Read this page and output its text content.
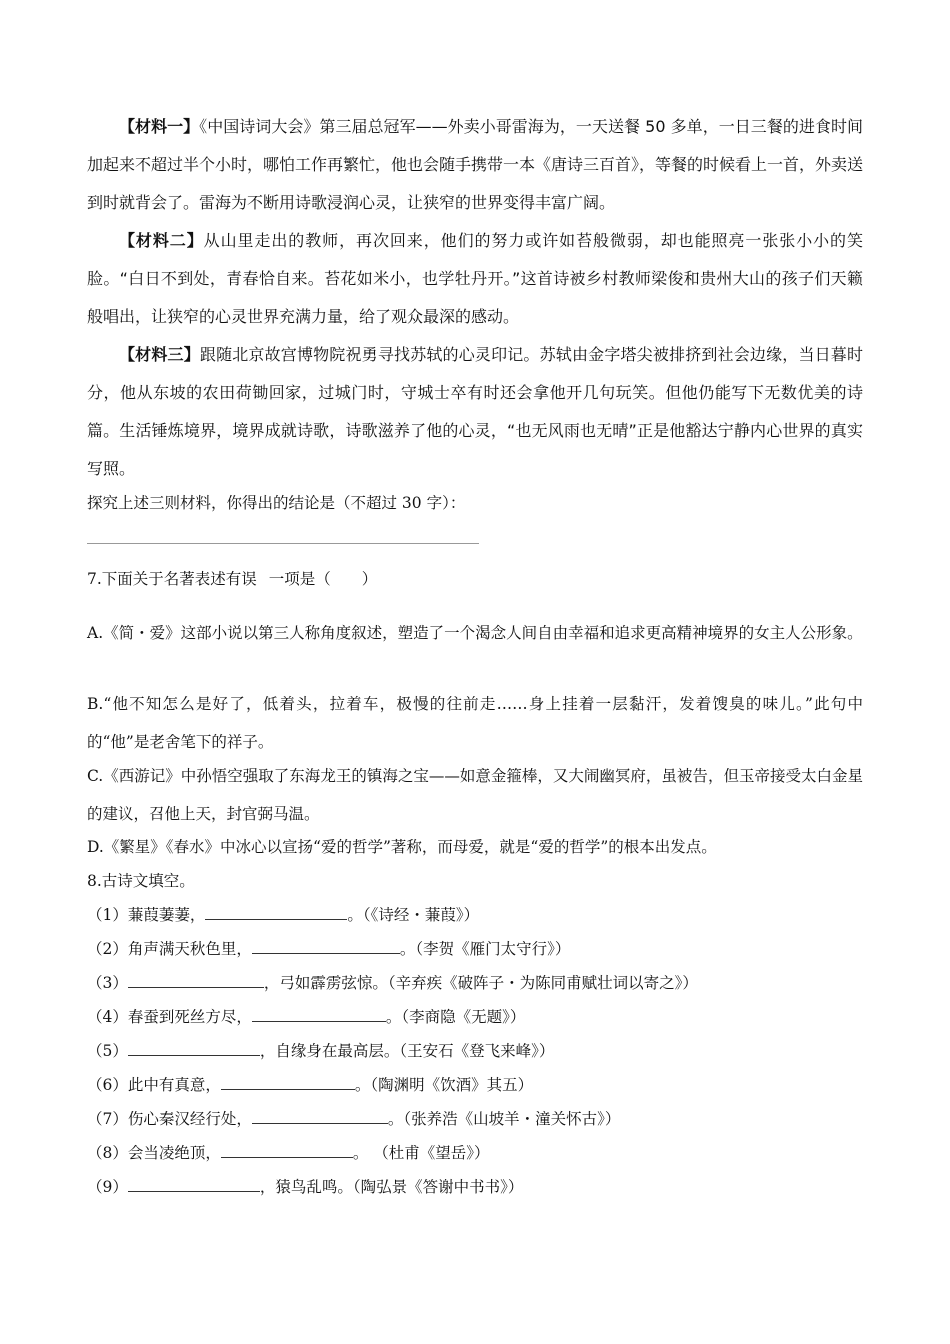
【材料一】《中国诗词大会》第三届总冠军——外卖小哥雷海为，一天送餐 50 多单，一日三餐的进食时间加起来不超过半个小时，哪怕工作再繁忙，他也会随手携带一本《唐诗三百首》，等餐的时候看上一首，外卖送到时就背会了。雷海为不断用诗歌浸润心灵，让狭窄的世界变得丰富广阔。

【材料二】从山里走出的教师，再次回来，他们的努力或许如苔般微弱，却也能照亮一张张小小的笑脸。“白日不到处，青春恰自来。苔花如米小，也学牡丹开。”这首诗被乡村教师梁俊和贵州大山的孩子们天籁般唱出，让狭窄的心灵世界充满力量，给了观众最深的感动。

【材料三】跟随北京故宫博物院祝勇寻找苏轼的心灵印记。苏轼由金字塔尖被排挤到社会边缘，当日暮时分，他从东坡的农田荷锄回家，过城门时，守城士卒有时还会拿他开几句玩笑。但他仍能写下无数优美的诗篇。生活锤炼境界，境界成就诗歌，诗歌滋养了他的心灵，“也无风雨也无晴”正是他豁达宁静内心世界的真实写照。

探究上述三则材料，你得出的结论是（不超过 30 字）：
7.下面关于名著表述有误 一项是（　　）
A.《简・爱》这部小说以第三人称角度叙述，塑造了一个渴念人间自由幸福和追求更高精神境界的女主人公形象。
B.“他不知怎么是好了，低着头，拉着车，极慢的往前走……身上挂着一层黏汗，发着馊臭的味儿。”此句中的“他”是老舍笔下的祥子。
C.《西游记》中孙悟空强取了东海龙王的镇海之宝——如意金箍棒，又大闹幽冥府，虽被告，但玉帝接受太白金星的建议，召他上天，封官弼马温。
D.《繁星》《春水》中冰心以宣扬“爱的哲学”著称，而母爱，就是“爱的哲学”的根本出发点。
8.古诗文填空。
（1）蒹葭萋萋，	。（《诗经・蒹葭》）
（2）角声满天秋色里，	。（李贺《雁门太守行》）
（3）	，弓如霹雳弦惊。（辛弃疾《破阵子・为陈同甫赋壮词以寄之》）
（4）春蚕到死丝方尽，	。（李商隐《无题》）
（5）	，自缘身在最高层。（王安石《登飞来峰》）
（6）此中有真意，	。（陶渊明《饮酒》其五）
（7）伤心秦汉经行处，	。（张养浩《山坡羊・潼关怀古》）
（8）会当凌绝顶，	。 （杜甫《望岳》）
（9）	，猿鸟乱鸣。（陶弘景《答谢中书书》）
